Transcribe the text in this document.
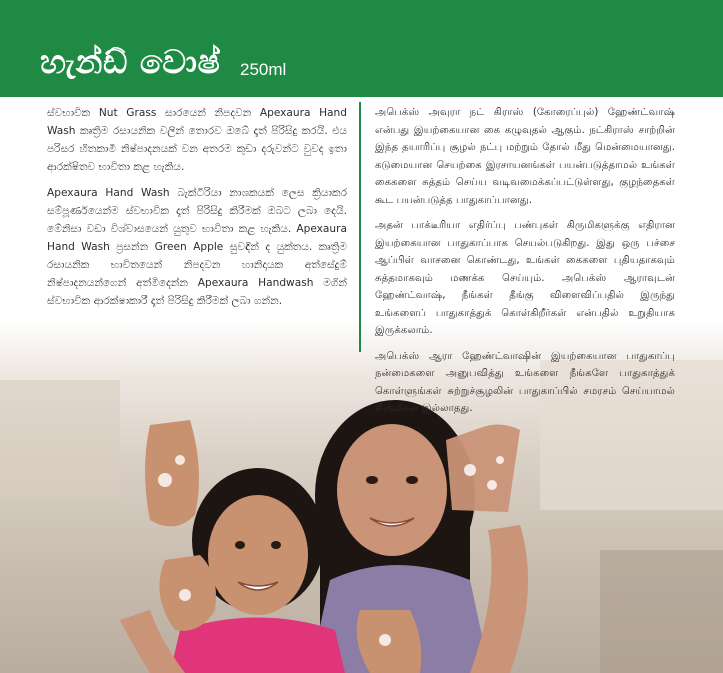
හැන්ඩ් වොෂ් 250ml

ස්වභාවික Nut Grass සාරයෙන් නිපදවන Apexaura Hand Wash කෘත්‍රිම රසායනික වලින් තොරව ඔබේ දෑත් පිරිසිදු කරයි. එය පරිසර හිතකාමී නිෂ්පාදනයක් වන අතරම කුඩා දරුවන්ට වුවද ඉතා ආරක්ෂිතව භාවිතා කළ හැකිය.

Apexaura Hand Wash බැක්ටීරියා නාශකයක් ලෙස ක්‍රියාකර සම්පූර්ණයෙන්ම ස්වභාවික දෑත් පිරිසිදු කිරීමක් ඔබට ලබා දෙයි. මේනිසා වඩා විශ්වාසයෙන් යුතුව භාවිතා කළ හැකිය. Apexaura Hand Wash ප්‍රසන්න Green Apple සුවඳින් ද යුක්තය. කෘත්‍රිම රසායනික භාවිතයෙන් නිපදවන හානිදායක අත්සේදුම් නිෂ්පාදනයන්ගෙන් අත්මිදෙන්න Apexaura Handwash මගින් ස්වභාවික ආරක්ෂාකාරී දෑත් පිරිසිදු කිරීමක් ලබා ගන්න.

அபெக்ஸ் அவுரா நட் கிராஸ் (கோரைப்புல்) ஹேண்ட்வாஷ் என்பது இயற்கையான கை கழுவுதல் ஆகும். நட்கிராஸ் சாற்றின் இந்த தயாரிப்பு சூழல் நட்பு மற்றும் தோல் மீது மென்மையானது. கடுமையான செயற்கை இரசாயனங்கள் பயன்படுத்தாமல் உங்கள் கைகளை சுத்தம் செய்ய வடிவமைக்கப்பட்டுள்ளது, குழந்தைகள் கூட பயன்படுத்த பாதுகாப்பானது.

அதன் பாக்டீரியா எதிர்ப்பு பண்புகள் கிருமிகளுக்கு எதிரான இயற்கையான பாதுகாப்பாக செயல்படுகிறது. இது ஒரு பச்சை ஆப்பிள் வாசனை கொண்டது, உங்கள் கைகளை புதியதாகவும் சுத்தமாகவும் மணக்க செய்யும். அபெக்ஸ் ஆராவுடன் ஹேண்ட்வாஷ், நீங்கள் தீங்கு விளைவிப்பதில் இருந்து உங்களைப் பாதுகாத்துக் கொள்கிறீர்கள் என்பதில் உறுதியாக இருக்கலாம்.

அபெக்ஸ் ஆரா ஹேண்ட்வாஷின் இயற்கையான பாதுகாப்பு நன்மைகளை அனுபவித்து உங்களை நீங்களே பாதுகாத்துக் கொள்ளுங்கள் சுற்றுச்சூழலின் பாதுகாப்பில் சமரசம் செய்யாமல் கிருமிகள் இல்லாதது.
